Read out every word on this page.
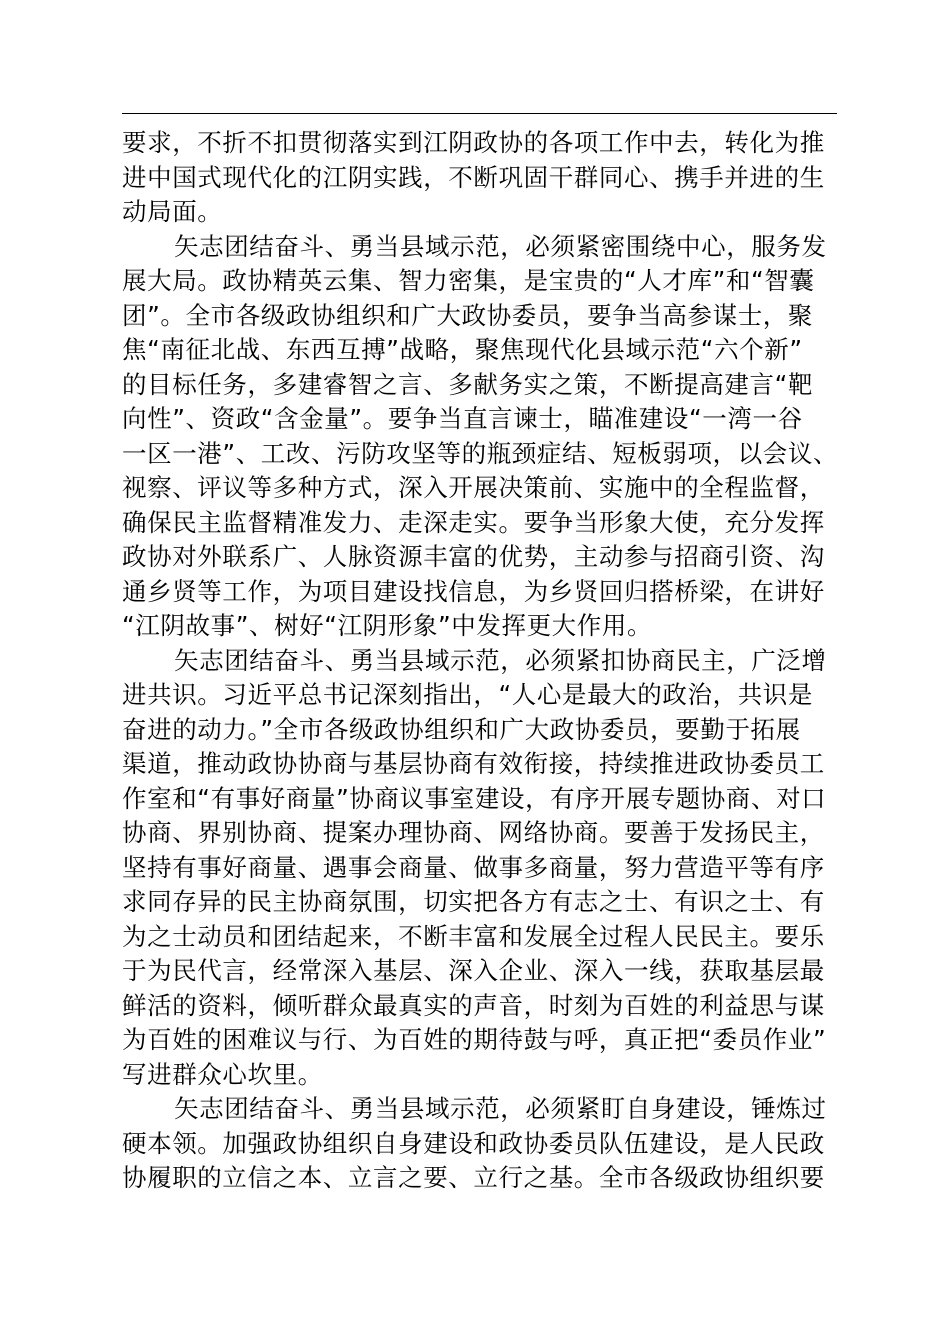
要求，不折不扣贯彻落实到江阴政协的各项工作中去，转化为推
进中国式现代化的江阴实践，不断巩固干群同心、携手并进的生
动局面。
矢志团结奋斗、勇当县域示范，必须紧密围绕中心，服务发
展大局。政协精英云集、智力密集，是宝贵的“人才库”和“智囊
团”。全市各级政协组织和广大政协委员，要争当高参谋士，聚
焦“南征北战、东西互搏”战略，聚焦现代化县域示范“六个新”
的目标任务，多建睿智之言、多献务实之策，不断提高建言“靶
向性”、资政“含金量”。要争当直言谏士，瞄准建设“一湾一谷
一区一港”、工改、污防攻坚等的瓶颈症结、短板弱项，以会议、
视察、评议等多种方式，深入开展决策前、实施中的全程监督，
确保民主监督精准发力、走深走实。要争当形象大使，充分发挥
政协对外联系广、人脉资源丰富的优势，主动参与招商引资、沟
通乡贤等工作，为项目建设找信息，为乡贤回归搭桥梁，在讲好
“江阴故事”、树好“江阴形象”中发挥更大作用。
矢志团结奋斗、勇当县域示范，必须紧扣协商民主，广泛增
进共识。习近平总书记深刻指出，“人心是最大的政治，共识是
奋进的动力。”全市各级政协组织和广大政协委员，要勤于拓展
渠道，推动政协协商与基层协商有效衔接，持续推进政协委员工
作室和“有事好商量”协商议事室建设，有序开展专题协商、对口
协商、界别协商、提案办理协商、网络协商。要善于发扬民主，
坚持有事好商量、遇事会商量、做事多商量，努力营造平等有序
求同存异的民主协商氛围，切实把各方有志之士、有识之士、有
为之士动员和团结起来，不断丰富和发展全过程人民民主。要乐
于为民代言，经常深入基层、深入企业、深入一线，获取基层最
鲜活的资料，倾听群众最真实的声音，时刻为百姓的利益思与谋
为百姓的困难议与行、为百姓的期待鼓与呼，真正把“委员作业”
写进群众心坎里。
矢志团结奋斗、勇当县域示范，必须紧盯自身建设，锤炼过
硬本领。加强政协组织自身建设和政协委员队伍建设，是人民政
协履职的立信之本、立言之要、立行之基。全市各级政协组织要
